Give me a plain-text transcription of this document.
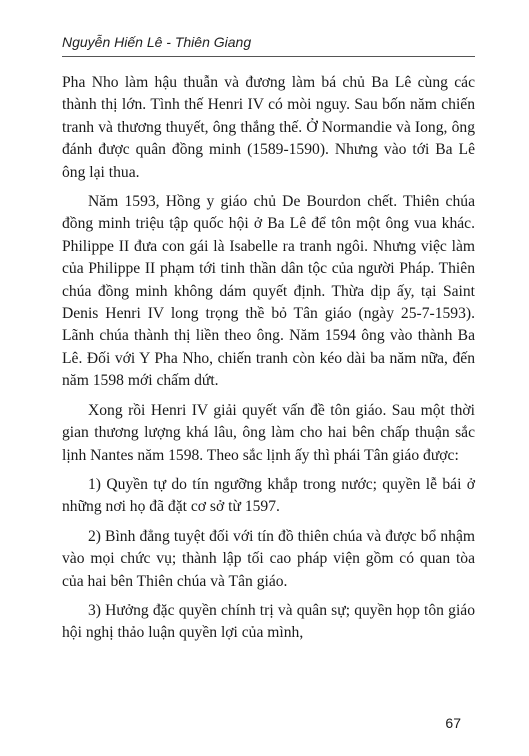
Nguyễn Hiến Lê - Thiên Giang

Pha Nho làm hậu thuẫn và đương làm bá chủ Ba Lê cùng các thành thị lớn. Tình thế Henri IV có mòi nguy. Sau bốn năm chiến tranh và thương thuyết, ông thắng thế. Ở Normandie và Iong, ông đánh được quân đồng minh (1589-1590). Nhưng vào tới Ba Lê ông lại thua.

Năm 1593, Hồng y giáo chủ De Bourdon chết. Thiên chúa đồng minh triệu tập quốc hội ở Ba Lê để tôn một ông vua khác. Philippe II đưa con gái là Isabelle ra tranh ngôi. Nhưng việc làm của Philippe II phạm tới tinh thần dân tộc của người Pháp. Thiên chúa đồng minh không dám quyết định. Thừa dịp ấy, tại Saint Denis Henri IV long trọng thề bỏ Tân giáo (ngày 25-7-1593). Lãnh chúa thành thị liền theo ông. Năm 1594 ông vào thành Ba Lê. Đối với Y Pha Nho, chiến tranh còn kéo dài ba năm nữa, đến năm 1598 mới chấm dứt.

Xong rồi Henri IV giải quyết vấn đề tôn giáo. Sau một thời gian thương lượng khá lâu, ông làm cho hai bên chấp thuận sắc lịnh Nantes năm 1598. Theo sắc lịnh ấy thì phái Tân giáo được:

1) Quyền tự do tín ngưỡng khắp trong nước; quyền lễ bái ở những nơi họ đã đặt cơ sở từ 1597.

2) Bình đẳng tuyệt đối với tín đồ thiên chúa và được bổ nhậm vào mọi chức vụ; thành lập tối cao pháp viện gồm có quan tòa của hai bên Thiên chúa và Tân giáo.

3) Hưởng đặc quyền chính trị và quân sự; quyền họp tôn giáo hội nghị thảo luận quyền lợi của mình,

67
